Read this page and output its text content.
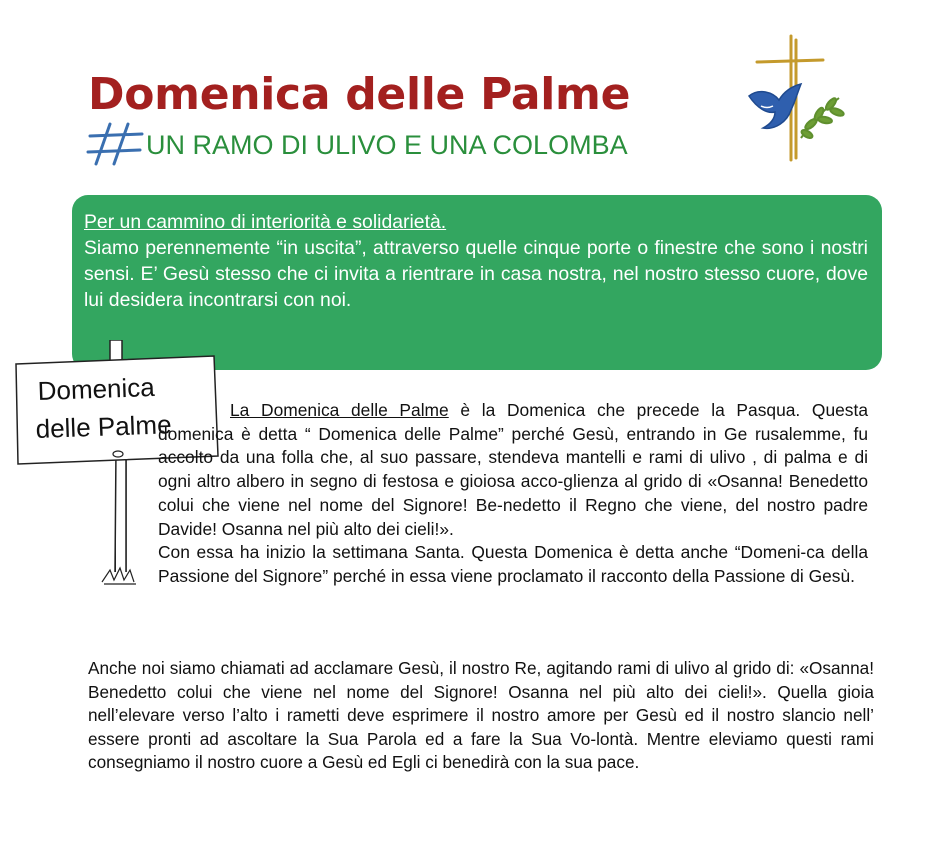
Domenica delle Palme
UN RAMO DI ULIVO E UNA COLOMBA
Per un cammino di interiorità e solidarietà.
Siamo perennemente “in uscita”, attraverso quelle cinque porte o finestre che sono i nostri sensi. E’ Gesù stesso che ci invita a rientrare in casa nostra, nel nostro stesso cuore, dove lui desidera incontrarsi con noi.
Domenica
delle Palme	La Domenica delle Palme è la Domenica che precede la Pasqua. Questa domenica è detta “ Domenica delle Palme” perché Gesù, entrando in Ge rusalemme, fu accolto da una folla che, al suo passare, stendeva mantelli e rami di ulivo , di palma e di ogni altro albero in segno di festosa e gioiosa acco-glienza al grido di «Osanna! Benedetto colui che viene nel nome del Signore! Be-nedetto il Regno che viene, del nostro padre Davide! Osanna nel più alto dei cieli!».

Con essa ha inizio la settimana Santa. Questa Domenica è detta anche “Domeni-ca della Passione del Signore” perché in essa viene proclamato il racconto della Passione di Gesù.

Anche noi siamo chiamati ad acclamare Gesù, il nostro Re, agitando rami di ulivo al grido di: «Osanna! Benedetto colui che viene nel nome del Signore! Osanna nel più alto dei cieli!». Quella gioia nell’elevare verso l’alto i rametti deve esprimere il nostro amore per Gesù ed il nostro slancio nell’ essere pronti ad ascoltare la Sua Parola ed a fare la Sua Vo-lontà. Mentre eleviamo questi rami consegniamo il nostro cuore a Gesù ed Egli ci benedirà con la sua pace.
